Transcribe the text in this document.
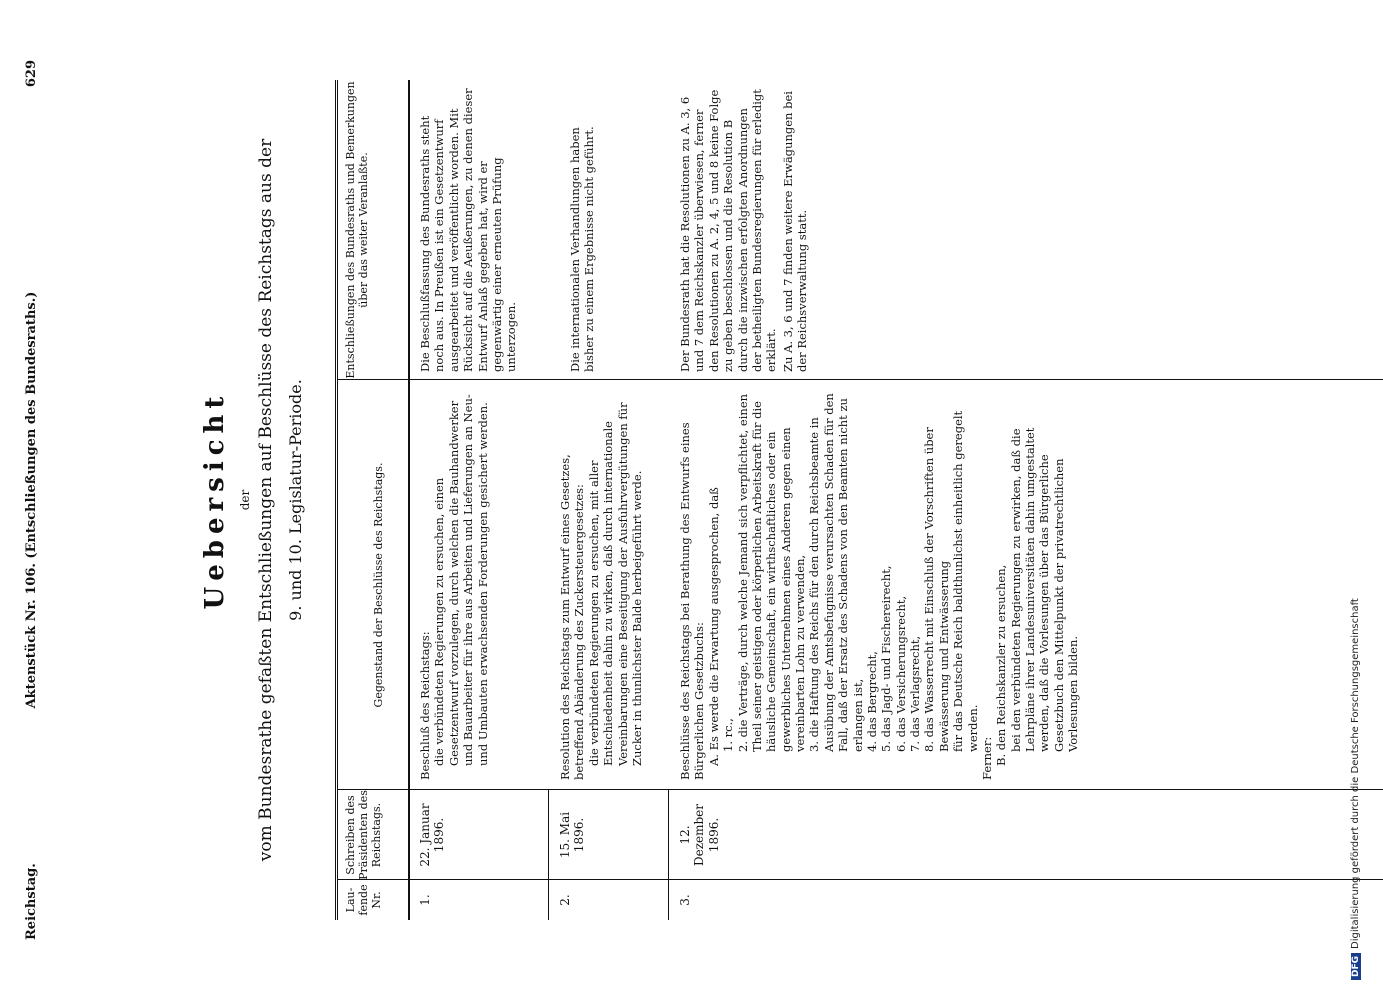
Reichstag.
Aktenstück Nr. 106. (Entschließungen des Bundesraths.)
629
Uebersicht der vom Bundesrathe gefaßten Entschließungen auf Beschlüsse des Reichstags aus der 9. und 10. Legislatur-Periode.
Lau-fende Nr.
Schreiben des Präsidenten des Reichstags.
Gegenstand der Beschlüsse des Reichstags.
Entschließungen des Bundesraths und Bemerkungen über das weiter Veranlaßte.
1.
22. Januar 1896.

Beschluß des Reichstags: die verbündeten Regierungen zu ersuchen, einen Gesetzentwurf vorzulegen, durch welchen die Bauhandwerker und Bauarbeiter für ihre aus Arbeiten und Lieferungen an Neu- und Umbauten erwachsenden Forderungen gesichert werden.

Die Beschlußfassung des Bundesraths steht noch aus. In Preußen ist ein Gesetzentwurf ausgearbeitet und veröffentlicht worden. Mit Rücksicht auf die Aeußerungen, zu denen dieser Entwurf Anlaß gegeben hat, wird er gegenwärtig einer erneuten Prüfung unterzogen.

2.
15. Mai 1896.

Resolution des Reichstags zum Entwurf eines Gesetzes, betreffend Abänderung des Zuckersteuergesetzes: die verbündeten Regierungen zu ersuchen, mit aller Entschiedenheit dahin zu wirken, daß durch internationale Vereinbarungen eine Beseitigung der Ausfuhrvergütungen für Zucker in thunlichster Balde herbeigeführt werde.

Die internationalen Verhandlungen haben bisher zu einem Ergebnisse nicht geführt.

3.
12. Dezember 1896.

Beschlüsse des Reichstags bei Berathung des Entwurfs eines Bürgerlichen Gesetzbuchs: A. Es werde die Erwartung ausgesprochen, daß 1. rc., 2. die Verträge, durch welche Jemand sich verpflichtet, einen Theil seiner geistigen oder körperlichen Arbeitskraft für die häusliche Gemeinschaft, ein wirthschaftliches oder ein gewerbliches Unternehmen eines Anderen gegen einen vereinbarten Lohn zu verwenden, 3. die Haftung des Reichs für den durch Reichsbeamte in Ausübung der Amtsbefugnisse verursachten Schaden für den Fall, daß der Ersatz des Schadens von den Beamten nicht zu erlangen ist, 4. das Bergrecht, 5. das Jagd- und Fischereirecht, 6. das Versicherungsrecht, 7. das Verlagsrecht, 8. das Wasserrecht mit Einschluß der Vorschriften über Bewässerung und Entwässerung für das Deutsche Reich baldthunlichst einheitlich geregelt werden.

Ferner: B. den Reichskanzler zu ersuchen, bei den verbündeten Regierungen zu erwirken, daß die Lehrpläne ihrer Landesuniversitäten dahin umgestaltet werden, daß die Vorlesungen über das Bürgerliche Gesetzbuch den Mittelpunkt der privatrechtlichen Vorlesungen bilden.

Der Bundesrath hat die Resolutionen zu A. 3, 6 und 7 dem Reichskanzler überwiesen, ferner den Resolutionen zu A. 2, 4, 5 und 8 keine Folge zu geben beschlossen und die Resolution B durch die inzwischen erfolgten Anordnungen der betheiligten Bundesregierungen für erledigt erklärt. Zu A. 3, 6 und 7 finden weitere Erwägungen bei der Reichsverwaltung statt.

DFGDigitalisierung gefördert durch die Deutsche Forschungsgemeinschaft
